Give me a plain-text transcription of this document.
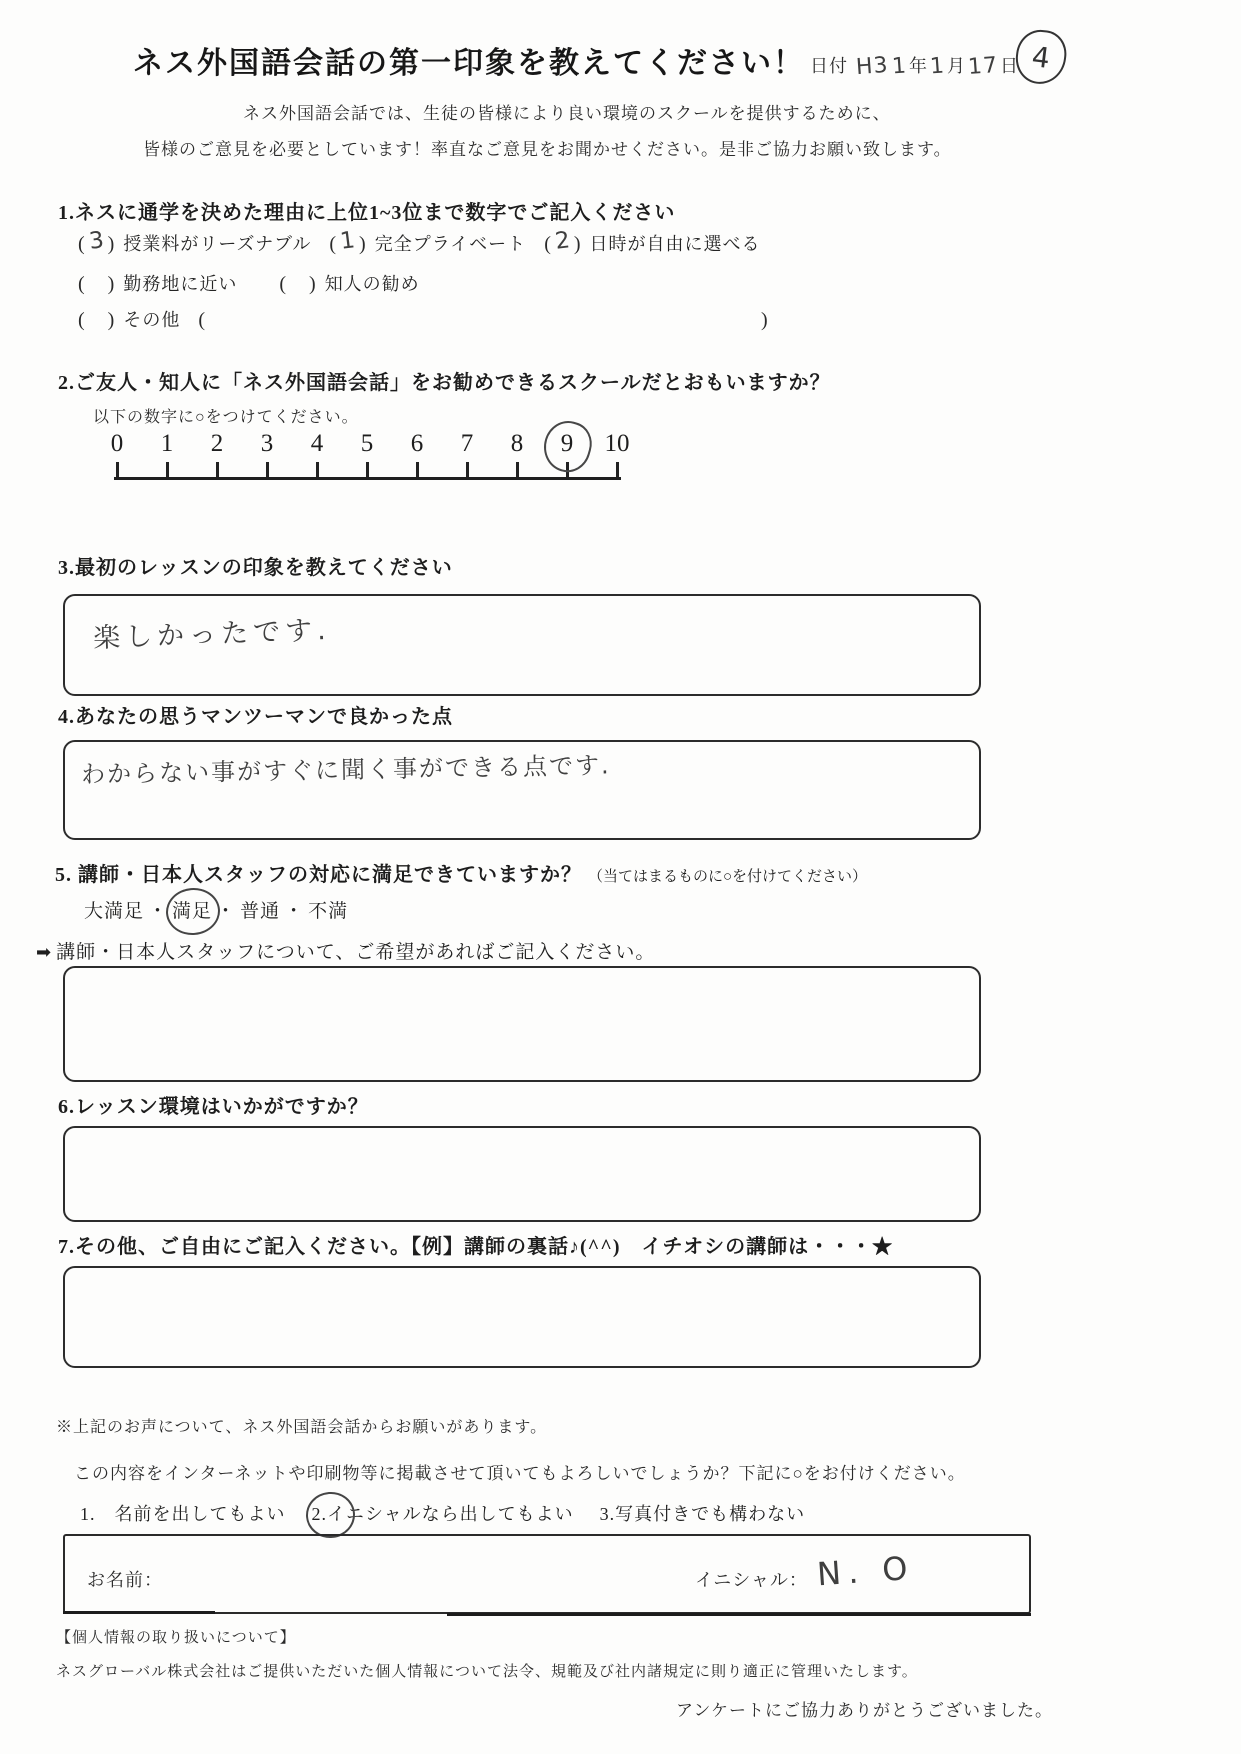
ネス外国語会話の第一印象を教えてください！ 日付 H3 1年1月17日 4
ネス外国語会話では、生徒の皆様により良い環境のスクールを提供するために、
皆様のご意見を必要としています！率直なご意見をお聞かせください。是非ご協力お願い致します。
1.ネスに通学を決めた理由に上位1~3位まで数字でご記入ください
( 3 ) 授業料がリーズナブル ( 1 ) 完全プライベート ( 2 ) 日時が自由に選べる
( ) 勤務地に近い ( ) 知人の勧め
( ) その他 (	)
2.ご友人・知人に「ネス外国語会話」をお勧めできるスクールだとおもいますか？
以下の数字に○をつけてください。
0	1	2	3	4	5	6	7	8	9	10
3.最初のレッスンの印象を教えてください
楽しかったです.
4.あなたの思うマンツーマンで良かった点
わからない事がすぐに聞く事ができる点です.
5. 講師・日本人スタッフの対応に満足できていますか？ （当てはまるものに○を付けてください）
大満足 ・ 満足 ・ 普通 ・ 不満
➡ 講師・日本人スタッフについて、ご希望があればご記入ください。
6.レッスン環境はいかがですか？
7.その他、ご自由にご記入ください。【例】講師の裏話♪(^^)　イチオシの講師は・・・★
※上記のお声について、ネス外国語会話からお願いがあります。
この内容をインターネットや印刷物等に掲載させて頂いてもよろしいでしょうか？下記に○をお付けください。
1.　名前を出してもよい 2.イニシャルなら出してもよい 3.写真付きでも構わない
お名前：	イニシャル： N. O
【個人情報の取り扱いについて】
ネスグローバル株式会社はご提供いただいた個人情報について法令、規範及び社内諸規定に則り適正に管理いたします。
アンケートにご協力ありがとうございました。
